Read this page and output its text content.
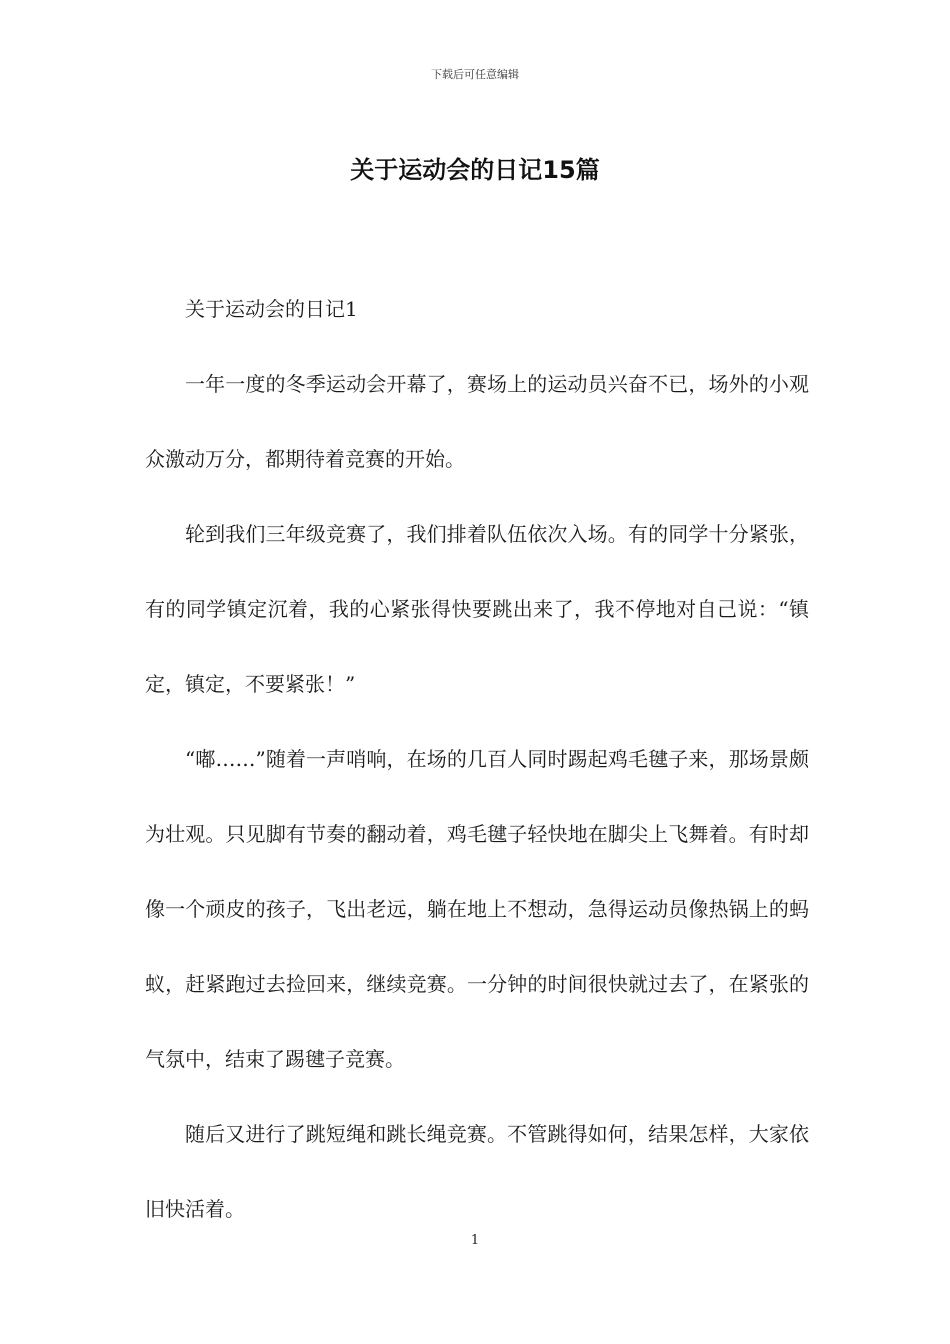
下载后可任意编辑
关于运动会的日记15篇

关于运动会的日记1

一年一度的冬季运动会开幕了，赛场上的运动员兴奋不已，场外的小观众激动万分，都期待着竞赛的开始。

轮到我们三年级竞赛了，我们排着队伍依次入场。有的同学十分紧张，有的同学镇定沉着，我的心紧张得快要跳出来了，我不停地对自己说：“镇定，镇定，不要紧张！”

“嘟……”随着一声哨响，在场的几百人同时踢起鸡毛毽子来，那场景颇为壮观。只见脚有节奏的翻动着，鸡毛毽子轻快地在脚尖上飞舞着。有时却像一个顽皮的孩子，飞出老远，躺在地上不想动，急得运动员像热锅上的蚂蚁，赶紧跑过去捡回来，继续竞赛。一分钟的时间很快就过去了，在紧张的气氛中，结束了踢毽子竞赛。

随后又进行了跳短绳和跳长绳竞赛。不管跳得如何，结果怎样，大家依旧快活着。

1
